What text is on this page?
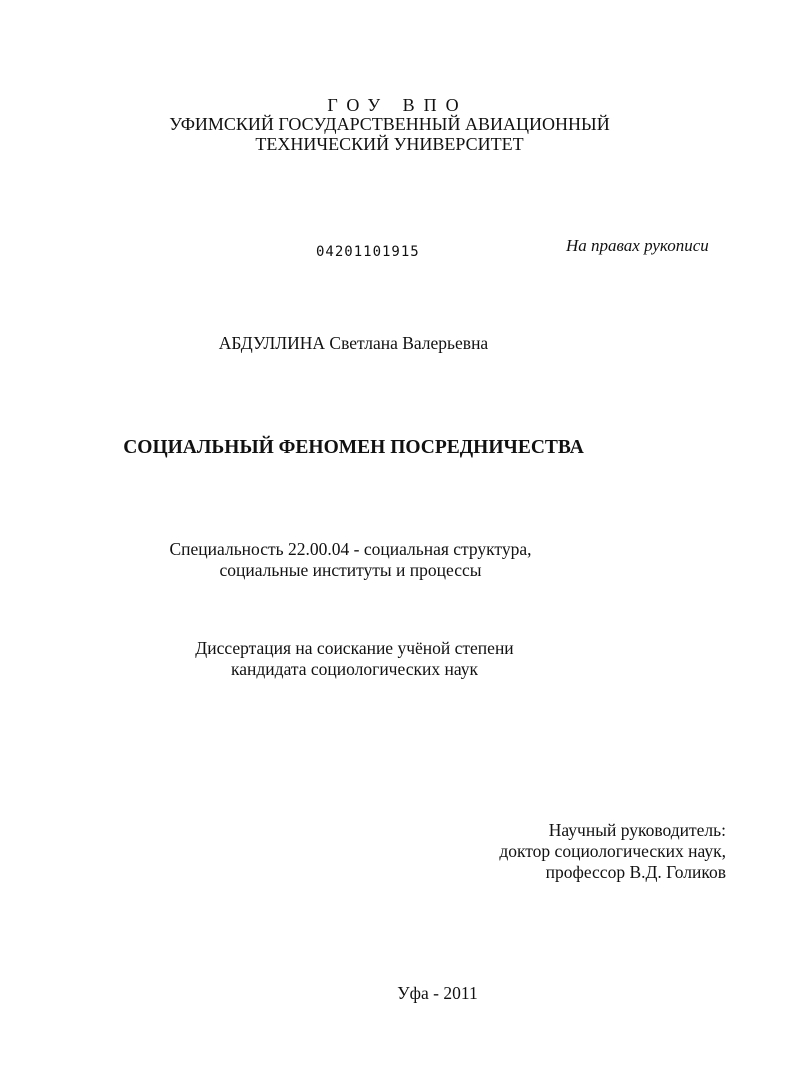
ГОУ ВПО
УФИМСКИЙ ГОСУДАРСТВЕННЫЙ АВИАЦИОННЫЙ
ТЕХНИЧЕСКИЙ УНИВЕРСИТЕТ
04201101915	На правах рукописи
АБДУЛЛИНА Светлана Валерьевна
СОЦИАЛЬНЫЙ ФЕНОМЕН ПОСРЕДНИЧЕСТВА
Специальность 22.00.04 - социальная структура,
социальные институты и процессы
Диссертация на соискание учёной степени
кандидата социологических наук
Научный руководитель:
доктор социологических наук,
профессор В.Д. Голиков
Уфа - 2011
